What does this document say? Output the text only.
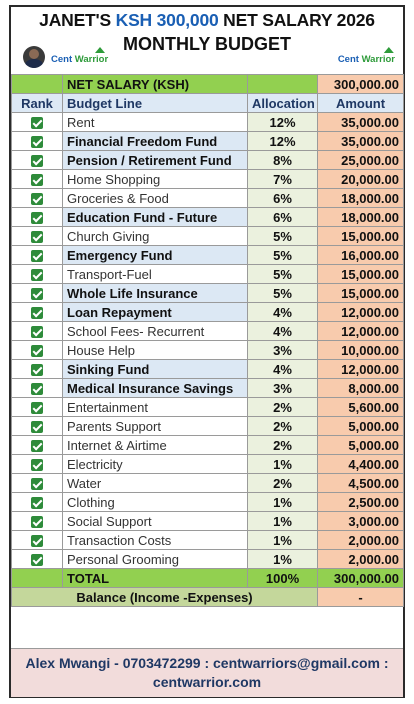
JANET'S KSH 300,000 NET SALARY 2026
MONTHLY BUDGET
Cent Warrior	Cent Warrior
	NET SALARY (KSH)		300,000.00
Rank	Budget Line	Allocation	Amount
	Rent	12%	35,000.00
	Financial Freedom Fund	12%	35,000.00
	Pension / Retirement Fund	8%	25,000.00
	Home Shopping	7%	20,000.00
	Groceries & Food	6%	18,000.00
	Education Fund - Future	6%	18,000.00
	Church Giving	5%	15,000.00
	Emergency Fund	5%	16,000.00
	Transport-Fuel	5%	15,000.00
	Whole Life Insurance	5%	15,000.00
	Loan Repayment	4%	12,000.00
	School Fees- Recurrent	4%	12,000.00
	House Help	3%	10,000.00
	Sinking Fund	4%	12,000.00
	Medical Insurance Savings	3%	8,000.00
	Entertainment	2%	5,600.00
	Parents Support	2%	5,000.00
	Internet & Airtime	2%	5,000.00
	Electricity	1%	4,400.00
	Water	2%	4,500.00
	Clothing	1%	2,500.00
	Social Support	1%	3,000.00
	Transaction Costs	1%	2,000.00
	Personal Grooming	1%	2,000.00
	TOTAL	100%	300,000.00
Balance (Income -Expenses)			-
Alex Mwangi - 0703472299 : centwarriors@gmail.com :
centwarrior.com
